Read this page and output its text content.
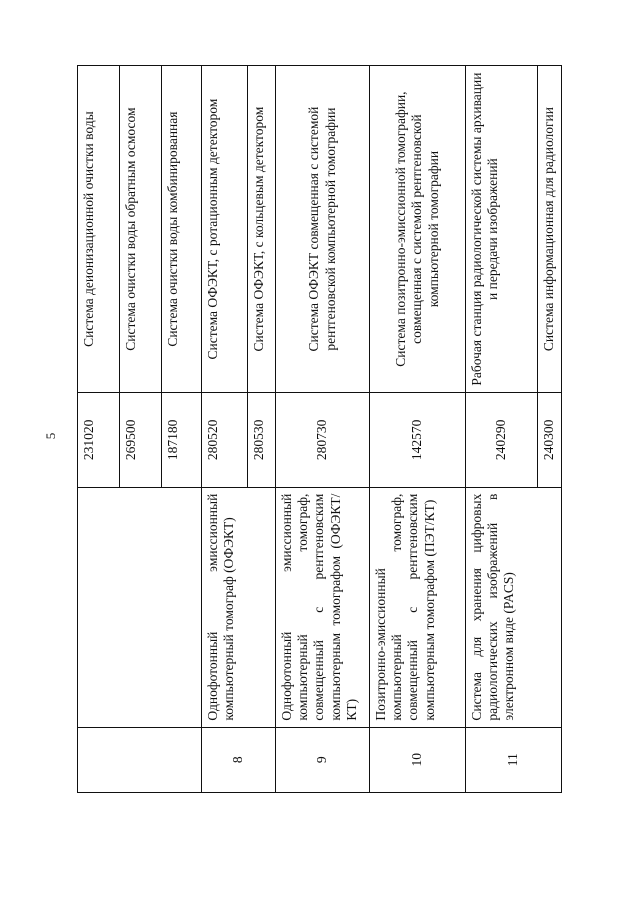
5
		231020	Система деионизационной очистки воды
		269500	Система очистки воды обратным осмосом
		187180	Система очистки воды комбинированная
8	Однофотонный эмиссионный компьютерный томограф (ОФЭКТ)	280520	Система ОФЭКТ, с ротационным детектором
		280530	Система ОФЭКТ, с кольцевым детектором
9	Однофотонный эмиссионный компьютерный томограф, совмещенный с рентгеновским компьютерным томографом (ОФЭКТ/КТ)	280730	Система ОФЭКТ совмещенная с системой рентгеновской компьютерной томографии
10	Позитронно-эмиссионный компьютерный томограф, совмещенный с рентгеновским компьютерным томографом (ПЭТ/КТ)	142570	Система позитронно-эмиссионной томографии, совмещенная с системой рентгеновской компьютерной томографии
11	Система для хранения цифровых радиологических изображений в электронном виде (PACS)	240290	Рабочая станция радиологической системы архивации и передачи изображений
		240300	Система информационная для радиологии
